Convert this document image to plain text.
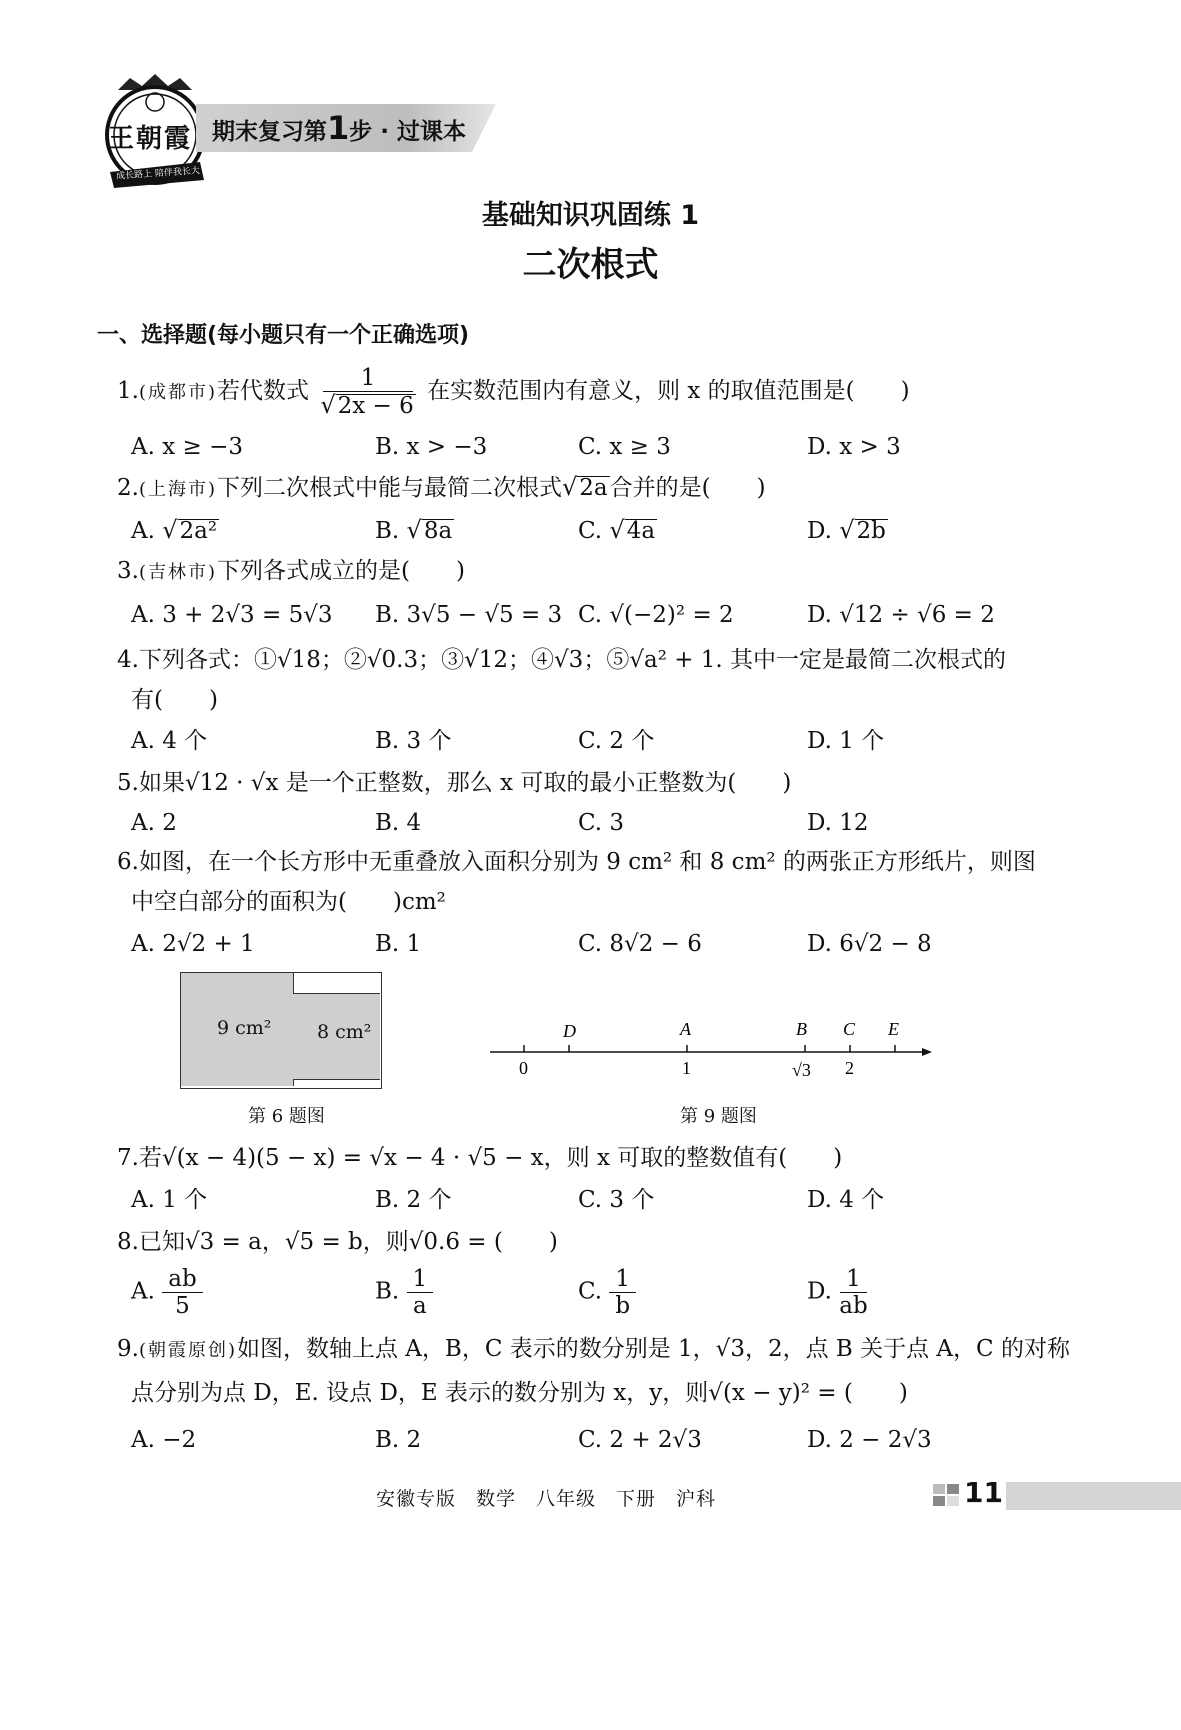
王朝霞
成长路上 陪伴我长大
期末复习第1步 · 过课本
基础知识巩固练 1
二次根式
一、选择题(每小题只有一个正确选项)
1.(成都市)若代数式 $\frac{1}{√2x - 6}$ 在实数范围内有意义，则 x 的取值范围是(　　)
A. x ≥ −3	B. x > −3	C. x ≥ 3	D. x > 3
2.(上海市)下列二次根式中能与最简二次根式√2a合并的是(　　)
A. √2a²	B. √8a	C. √4a	D. √2b
3.(吉林市)下列各式成立的是(　　)
A. 3 + 2√3 = 5√3 B. 3√5 − √5 = 3 C. √(−2)² = 2	D. √12 ÷ √6 = 2
4.下列各式：①√18；②√0.3；③√12；④√3；⑤√a² + 1. 其中一定是最简二次根式的
有(　　)
A. 4 个	B. 3 个	C. 2 个	D. 1 个
5.如果√12 · √x 是一个正整数，那么 x 可取的最小正整数为(　　)
A. 2	B. 4	C. 3	D. 12
6.如图，在一个长方形中无重叠放入面积分别为 9 cm² 和 8 cm² 的两张正方形纸片，则图
中空白部分的面积为(　　)cm²
A. 2√2 + 1	B. 1	C. 8√2 − 6	D. 6√2 − 8
9 cm² 8 cm²
第 6 题图
D	A	B C E
0	1	√3 2
第 9 题图
7.若√(x − 4)(5 − x) = √x − 4 · √5 − x，则 x 可取的整数值有(　　)
A. 1 个	B. 2 个	C. 3 个	D. 4 个
8.已知√3 = a，√5 = b，则√0.6 = (　　)
A. $\frac{ab}{5}$	B. $\frac{1}{a}$	C. $\frac{1}{b}$	D. $\frac{1}{ab}$
9.(朝霞原创)如图，数轴上点 A，B，C 表示的数分别是 1，√3，2，点 B 关于点 A，C 的对称
点分别为点 D，E. 设点 D，E 表示的数分别为 x，y，则√(x − y)² = (　　)
A. −2	B. 2	C. 2 + 2√3	D. 2 − 2√3
安徽专版　数学　八年级　下册　沪科	11
